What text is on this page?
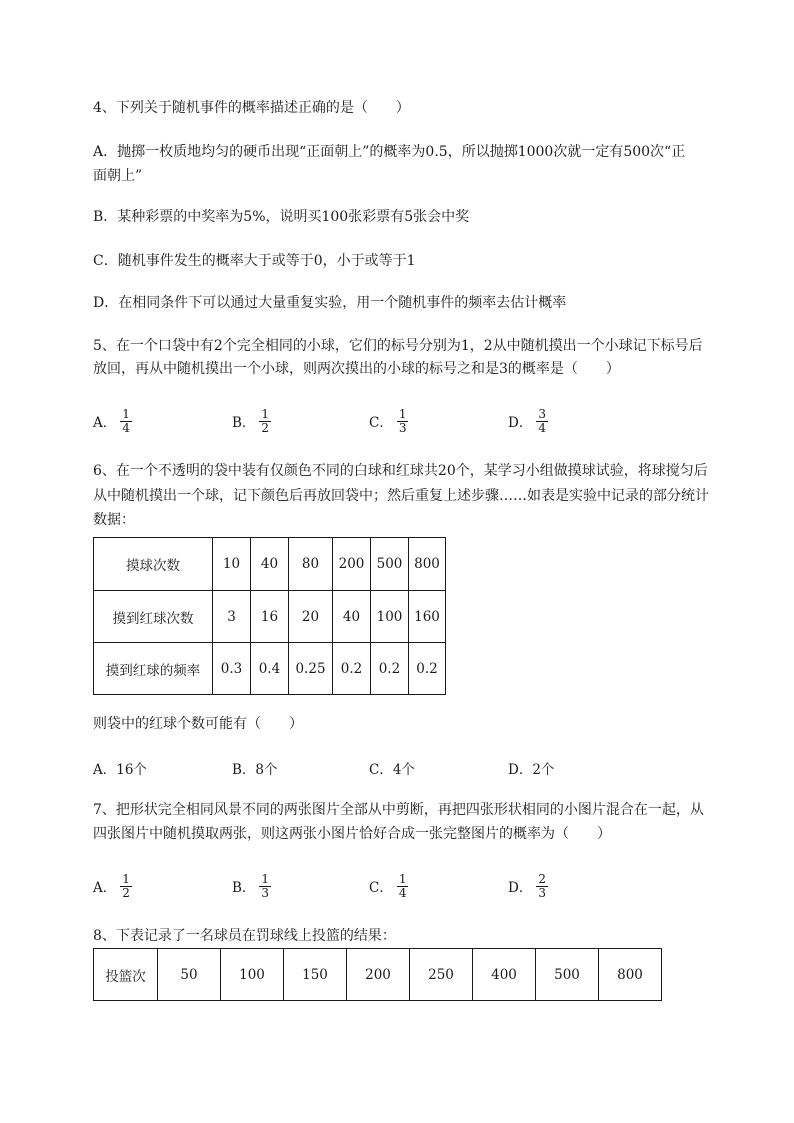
4、下列关于随机事件的概率描述正确的是（　　）
A．抛掷一枚质地均匀的硬币出现“正面朝上”的概率为0.5，所以抛掷1000次就一定有500次“正
面朝上”
B．某种彩票的中奖率为5%，说明买100张彩票有5张会中奖
C．随机事件发生的概率大于或等于0，小于或等于1
D．在相同条件下可以通过大量重复实验，用一个随机事件的频率去估计概率
5、在一个口袋中有2个完全相同的小球，它们的标号分别为1，2从中随机摸出一个小球记下标号后
放回，再从中随机摸出一个小球，则两次摸出的小球的标号之和是3的概率是（　　）
A． $\frac{1}{4}$	B． $\frac{1}{2}$	C． $\frac{1}{3}$	D． $\frac{3}{4}$
6、在一个不透明的袋中装有仅颜色不同的白球和红球共20个，某学习小组做摸球试验，将球搅匀后
从中随机摸出一个球，记下颜色后再放回袋中；然后重复上述步骤……如表是实验中记录的部分统计
数据：
摸球次数	10	40	80	200	500	800
摸到红球次数	3	16	20	40	100	160
摸到红球的频率	0.3	0.4	0.25	0.2	0.2	0.2
则袋中的红球个数可能有（　　）
A．16个	B．8个	C．4个	D．2个
7、把形状完全相同风景不同的两张图片全部从中剪断，再把四张形状相同的小图片混合在一起，从
四张图片中随机摸取两张，则这两张小图片恰好合成一张完整图片的概率为（　　）
A． $\frac{1}{2}$	B． $\frac{1}{3}$	C． $\frac{1}{4}$	D． $\frac{2}{3}$
8、下表记录了一名球员在罚球线上投篮的结果：
投篮次	50	100	150	200	250	400	500	800
